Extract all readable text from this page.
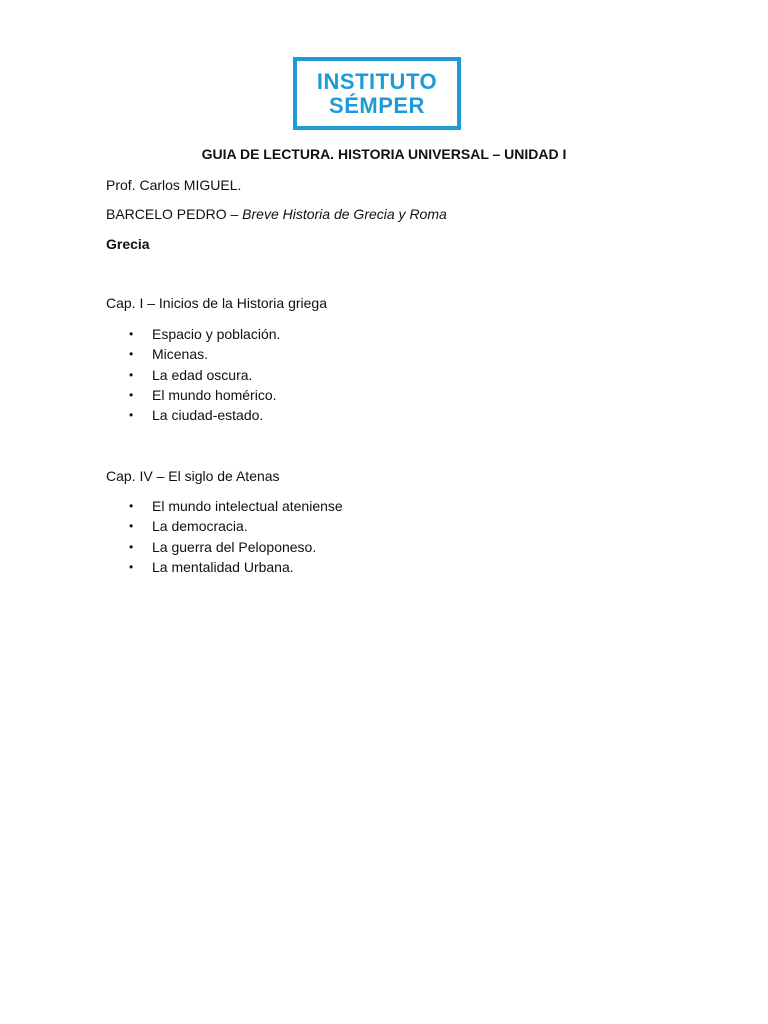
INSTITUTO
SÉMPER
GUIA DE LECTURA. HISTORIA UNIVERSAL – UNIDAD I
Prof. Carlos MIGUEL.
BARCELO PEDRO – Breve Historia de Grecia y Roma
Grecia
Cap. I – Inicios de la Historia griega
• Espacio y población.
• Micenas.
• La edad oscura.
• El mundo homérico.
• La ciudad-estado.
Cap. IV – El siglo de Atenas
• El mundo intelectual ateniense
• La democracia.
• La guerra del Peloponeso.
• La mentalidad Urbana.
